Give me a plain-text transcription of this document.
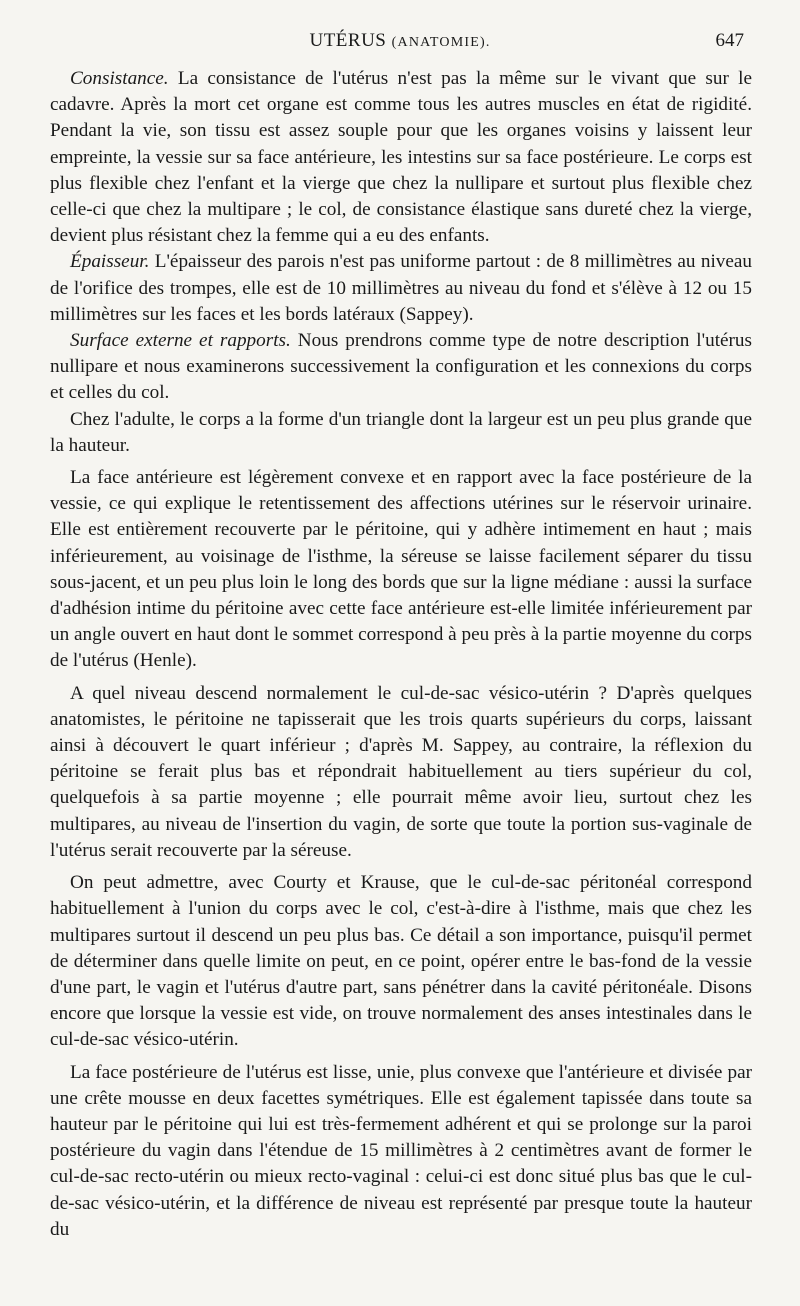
UTÉRUS (ANATOMIE).	647

Consistance. La consistance de l'utérus n'est pas la même sur le vivant que sur le cadavre. Après la mort cet organe est comme tous les autres muscles en état de rigidité. Pendant la vie, son tissu est assez souple pour que les organes voisins y laissent leur empreinte, la vessie sur sa face antérieure, les intestins sur sa face postérieure. Le corps est plus flexible chez l'enfant et la vierge que chez la nullipare et surtout plus flexible chez celle-ci que chez la multipare ; le col, de consistance élastique sans dureté chez la vierge, devient plus résistant chez la femme qui a eu des enfants.

Épaisseur. L'épaisseur des parois n'est pas uniforme partout : de 8 millimètres au niveau de l'orifice des trompes, elle est de 10 millimètres au niveau du fond et s'élève à 12 ou 15 millimètres sur les faces et les bords latéraux (Sappey).

Surface externe et rapports. Nous prendrons comme type de notre description l'utérus nullipare et nous examinerons successivement la configuration et les connexions du corps et celles du col.

Chez l'adulte, le corps a la forme d'un triangle dont la largeur est un peu plus grande que la hauteur.

La face antérieure est légèrement convexe et en rapport avec la face postérieure de la vessie, ce qui explique le retentissement des affections utérines sur le réservoir urinaire. Elle est entièrement recouverte par le péritoine, qui y adhère intimement en haut ; mais inférieurement, au voisinage de l'isthme, la séreuse se laisse facilement séparer du tissu sous-jacent, et un peu plus loin le long des bords que sur la ligne médiane : aussi la surface d'adhésion intime du péritoine avec cette face antérieure est-elle limitée inférieurement par un angle ouvert en haut dont le sommet correspond à peu près à la partie moyenne du corps de l'utérus (Henle).

A quel niveau descend normalement le cul-de-sac vésico-utérin ? D'après quelques anatomistes, le péritoine ne tapisserait que les trois quarts supérieurs du corps, laissant ainsi à découvert le quart inférieur ; d'après M. Sappey, au contraire, la réflexion du péritoine se ferait plus bas et répondrait habituellement au tiers supérieur du col, quelquefois à sa partie moyenne ; elle pourrait même avoir lieu, surtout chez les multipares, au niveau de l'insertion du vagin, de sorte que toute la portion sus-vaginale de l'utérus serait recouverte par la séreuse.

On peut admettre, avec Courty et Krause, que le cul-de-sac péritonéal correspond habituellement à l'union du corps avec le col, c'est-à-dire à l'isthme, mais que chez les multipares surtout il descend un peu plus bas. Ce détail a son importance, puisqu'il permet de déterminer dans quelle limite on peut, en ce point, opérer entre le bas-fond de la vessie d'une part, le vagin et l'utérus d'autre part, sans pénétrer dans la cavité péritonéale. Disons encore que lorsque la vessie est vide, on trouve normalement des anses intestinales dans le cul-de-sac vésico-utérin.

La face postérieure de l'utérus est lisse, unie, plus convexe que l'antérieure et divisée par une crête mousse en deux facettes symétriques. Elle est également tapissée dans toute sa hauteur par le péritoine qui lui est très-fermement adhérent et qui se prolonge sur la paroi postérieure du vagin dans l'étendue de 15 millimètres à 2 centimètres avant de former le cul-de-sac recto-utérin ou mieux recto-vaginal : celui-ci est donc situé plus bas que le cul-de-sac vésico-utérin, et la différence de niveau est représenté par presque toute la hauteur du
